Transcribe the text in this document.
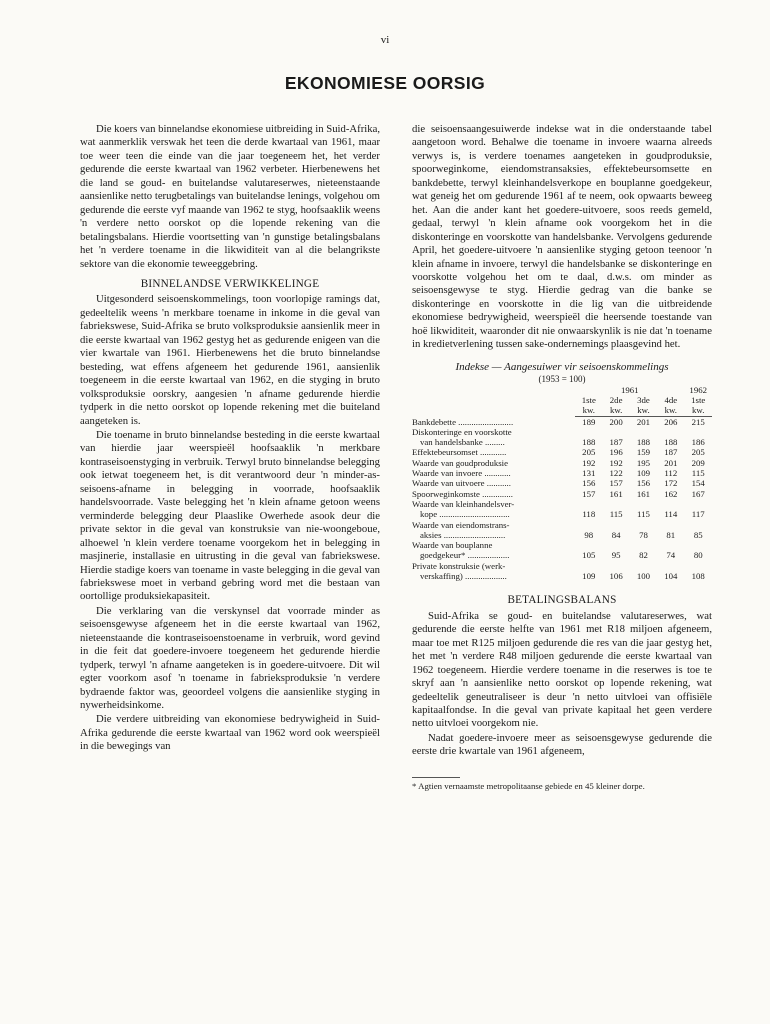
vi
EKONOMIESE OORSIG

Die koers van binnelandse ekonomiese uitbreiding in Suid-Afrika, wat aanmerklik verswak het teen die derde kwartaal van 1961, maar toe weer teen die einde van die jaar toegeneem het, het verder gedurende die eerste kwartaal van 1962 verbeter. Hierbenewens het die land se goud- en buitelandse valutareserwes, nieteenstaande aansienlike netto terugbetalings van buitelandse lenings, volgehou om gedurende die eerste vyf maande van 1962 te styg, hoofsaaklik weens 'n verdere netto oorskot op die lopende rekening van die betalingsbalans. Hierdie voortsetting van 'n gunstige betalingsbalans het 'n verdere toename in die likwiditeit van al die belangrikste sektore van die ekonomie teweeggebring.

BINNELANDSE VERWIKKELINGE

Uitgesonderd seisoenskommelings, toon voorlopige ramings dat, gedeeltelik weens 'n merkbare toename in inkome in die geval van fabriekswese, Suid-Afrika se bruto volksproduksie aansienlik meer in die eerste kwartaal van 1962 gestyg het as gedurende enigeen van die vier kwartale van 1961. Hierbenewens het die bruto binnelandse besteding, wat effens afgeneem het gedurende 1961, aansienlik toegeneem in die eerste kwartaal van 1962, en die styging in bruto volksproduksie oorskry, aangesien 'n afname gedurende hierdie tydperk in die netto oorskot op lopende rekening met die buiteland aangeteken is.

Die toename in bruto binnelandse besteding in die eerste kwartaal van hierdie jaar weerspieël hoofsaaklik 'n merkbare kontraseisoenstyging in verbruik. Terwyl bruto binnelandse belegging ook ietwat toegeneem het, is dit verantwoord deur 'n minder-as-seisoens-afname in belegging in voorrade, hoofsaaklik handelsvoorrade. Vaste belegging het 'n klein afname getoon weens verminderde belegging deur Plaaslike Owerhede asook deur die private sektor in die geval van konstruksie van nie-woongeboue, alhoewel 'n klein verdere toename voorgekom het in belegging in masjinerie, installasie en uitrusting in die geval van fabriekswese. Hierdie stadige koers van toename in vaste belegging in die geval van fabriekswese moet in verband gebring word met die bestaan van oortollige produksiekapasiteit.

Die verklaring van die verskynsel dat voorrade minder as seisoensgewyse afgeneem het in die eerste kwartaal van 1962, nieteenstaande die kontraseisoenstoename in verbruik, word gevind in die feit dat goedere-invoere toegeneem het gedurende hierdie tydperk, terwyl 'n afname aangeteken is in goedere-uitvoere. Dit wil egter voorkom asof 'n toename in fabrieksproduksie 'n verdere bydraende faktor was, geoordeel volgens die aansienlike styging in nywerheidsinkome.

Die verdere uitbreiding van ekonomiese bedrywigheid in Suid-Afrika gedurende die eerste kwartaal van 1962 word ook weerspieël in die bewegings van

die seisoensaangesuiwerde indekse wat in die onderstaande tabel aangetoon word. Behalwe die toename in invoere waarna alreeds verwys is, is verdere toenames aangeteken in goudproduksie, spoorweginkome, eiendomstransaksies, effektebeursomsette en bankdebette, terwyl kleinhandelsverkope en bouplanne goedgekeur, wat geneig het om gedurende 1961 af te neem, ook opwaarts beweeg het. Aan die ander kant het goedere-uitvoere, soos reeds gemeld, gedaal, terwyl 'n klein afname ook voorgekom het in die diskonteringe en voorskotte van handelsbanke. Vervolgens gedurende April, het goedere-uitvoere 'n aansienlike styging getoon teenoor 'n klein afname in invoere, terwyl die handelsbanke se diskonteringe en voorskotte volgehou het om te daal, d.w.s. om minder as seisoensgewyse te styg. Hierdie gedrag van die banke se diskonteringe en voorskotte in die lig van die uitbreidende ekonomiese bedrywigheid, weerspieël die heersende toestande van hoë likwiditeit, waaronder dit nie onwaarskynlik is nie dat 'n toename in kredietverlening tussen sake-ondernemings plaasgevind het.

Indekse — Aangesuiwer vir seisoenskommelings
(1953 = 100)
	1961				1962
	1ste	2de	3de	4de	1ste
	kw.	kw.	kw.	kw.	kw.
Bankdebette .........................	189	200	201	206	215
Diskonteringe en voorskotte					
van handelsbanke .........	188	187	188	188	186
Effektebeursomset ............	205	196	159	187	205
Waarde van goudproduksie	192	192	195	201	209
Waarde van invoere ............	131	122	109	112	115
Waarde van uitvoere ...........	156	157	156	172	154
Spoorweginkomste ..............	157	161	161	162	167
Waarde van kleinhandelsver-					
kope ................................	118	115	115	114	117
Waarde van eiendomstrans-					
aksies ............................	98	84	78	81	85
Waarde van bouplanne					
goedgekeur* ...................	105	95	82	74	80
Private konstruksie (werk-					
verskaffing) ...................	109	106	100	104	108
BETALINGSBALANS

Suid-Afrika se goud- en buitelandse valutareserwes, wat gedurende die eerste helfte van 1961 met R18 miljoen afgeneem, maar toe met R125 miljoen gedurende die res van die jaar gestyg het, het met 'n verdere R48 miljoen gedurende die eerste kwartaal van 1962 toegeneem. Hierdie verdere toename in die reserwes is toe te skryf aan 'n aansienlike netto oorskot op lopende rekening, wat gedeeltelik geneutraliseer is deur 'n netto uitvloei van offisiële kapitaalfondse. In die geval van private kapitaal het geen verdere netto uitvloei voorgekom nie.

Nadat goedere-invoere meer as seisoensgewyse gedurende die eerste drie kwartale van 1961 afgeneem,

* Agtien vernaamste metropolitaanse gebiede en 45 kleiner dorpe.
